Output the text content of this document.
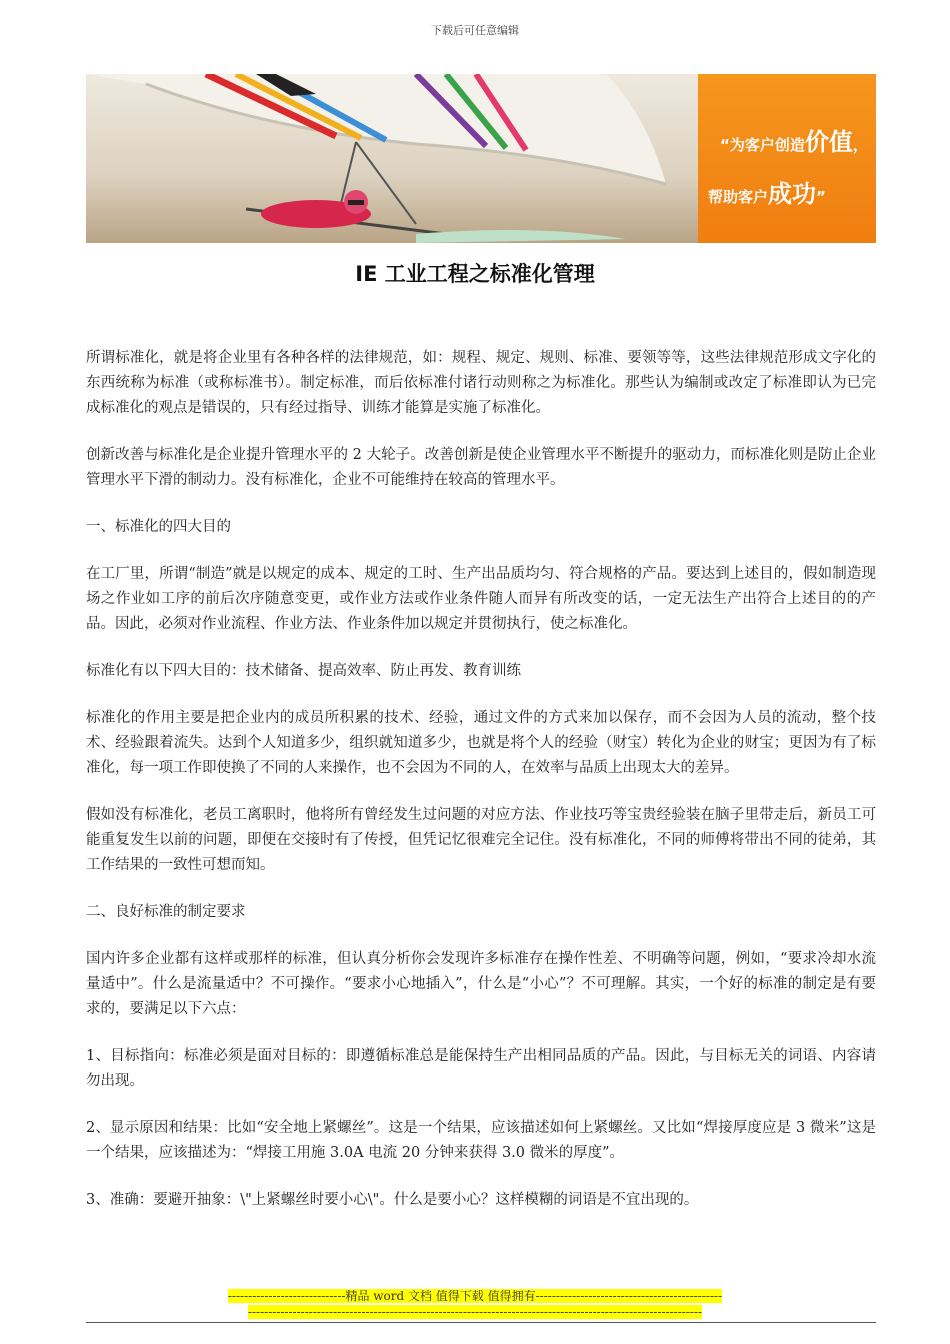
下载后可任意编辑
“为客户创造价值，
帮助客户成功”
IE 工业工程之标准化管理

所谓标准化，就是将企业里有各种各样的法律规范，如：规程、规定、规则、标准、要领等等，这些法律规范形成文字化的东西统称为标准（或称标准书）。制定标准，而后依标准付诸行动则称之为标准化。那些认为编制或改定了标准即认为已完成标准化的观点是错误的，只有经过指导、训练才能算是实施了标准化。

创新改善与标准化是企业提升管理水平的 2 大轮子。改善创新是使企业管理水平不断提升的驱动力，而标准化则是防止企业管理水平下滑的制动力。没有标准化，企业不可能维持在较高的管理水平。

一、标准化的四大目的

在工厂里，所谓“制造”就是以规定的成本、规定的工时、生产出品质均匀、符合规格的产品。要达到上述目的，假如制造现场之作业如工序的前后次序随意变更，或作业方法或作业条件随人而异有所改变的话，一定无法生产出符合上述目的的产品。因此，必须对作业流程、作业方法、作业条件加以规定并贯彻执行，使之标准化。

标准化有以下四大目的：技术储备、提高效率、防止再发、教育训练

标准化的作用主要是把企业内的成员所积累的技术、经验，通过文件的方式来加以保存，而不会因为人员的流动，整个技术、经验跟着流失。达到个人知道多少，组织就知道多少，也就是将个人的经验（财宝）转化为企业的财宝；更因为有了标准化，每一项工作即使换了不同的人来操作，也不会因为不同的人，在效率与品质上出现太大的差异。

假如没有标准化，老员工离职时，他将所有曾经发生过问题的对应方法、作业技巧等宝贵经验装在脑子里带走后，新员工可能重复发生以前的问题，即便在交接时有了传授，但凭记忆很难完全记住。没有标准化，不同的师傅将带出不同的徒弟，其工作结果的一致性可想而知。

二、良好标准的制定要求

国内许多企业都有这样或那样的标准，但认真分析你会发现许多标准存在操作性差、不明确等问题，例如，“要求冷却水流量适中”。什么是流量适中？不可操作。“要求小心地插入”，什么是“小心”？不可理解。其实，一个好的标准的制定是有要求的，要满足以下六点：

1、目标指向：标准必须是面对目标的：即遵循标准总是能保持生产出相同品质的产品。因此，与目标无关的词语、内容请勿出现。

2、显示原因和结果：比如“安全地上紧螺丝”。这是一个结果，应该描述如何上紧螺丝。又比如“焊接厚度应是 3 微米”这是一个结果，应该描述为：“焊接工用施 3.0A 电流 20 分钟来获得 3.0 微米的厚度”。

3、准确：要避开抽象：\"上紧螺丝时要小心\"。什么是要小心？这样模糊的词语是不宜出现的。

-----------------------------精品 word 文档 值得下载 值得拥有----------------------------------------------
----------------------------------------------------------------------------------------------------------------
